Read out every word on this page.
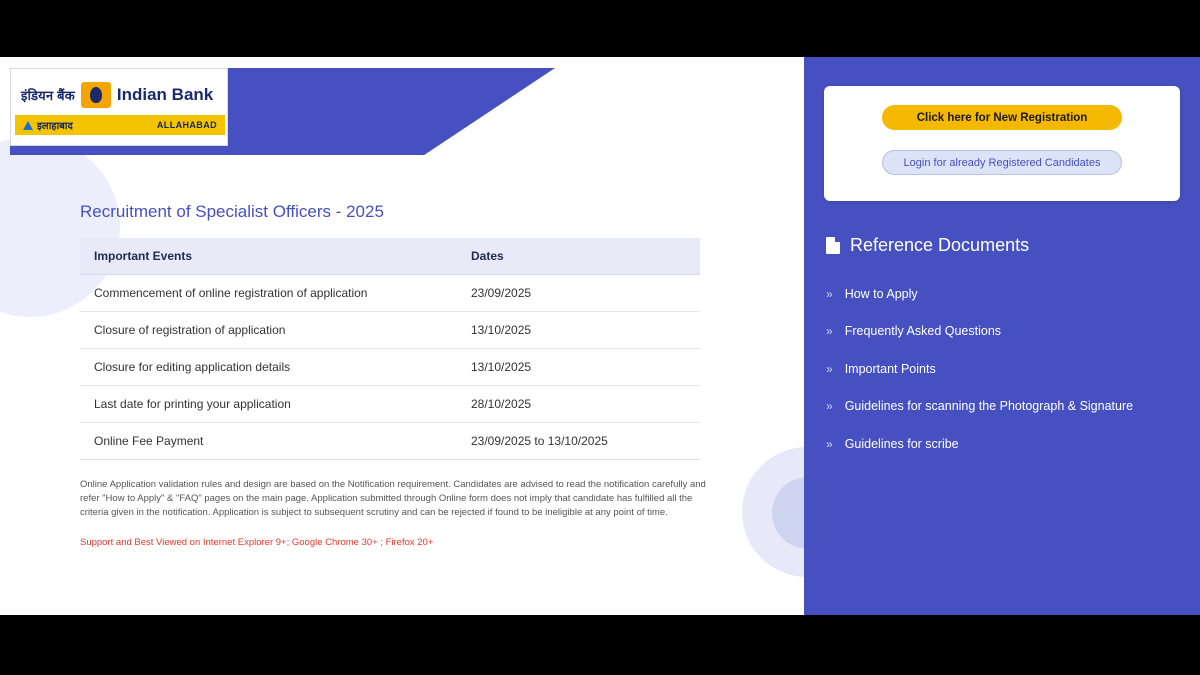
इंडियन बैंक Indian Bank
इलाहाबाद	ALLAHABAD
Recruitment of Specialist Officers - 2025
Important Events	Dates
Commencement of online registration of application	23/09/2025
Closure of registration of application	13/10/2025
Closure for editing application details	13/10/2025
Last date for printing your application	28/10/2025
Online Fee Payment	23/09/2025 to 13/10/2025

Online Application validation rules and design are based on the Notification requirement. Candidates are advised to read the notification carefully and refer "How to Apply" & "FAQ" pages on the main page. Application submitted through Online form does not imply that candidate has fulfilled all the criteria given in the notification. Application is subject to subsequent scrutiny and can be rejected if found to be ineligible at any point of time.

Support and Best Viewed on Internet Explorer 9+; Google Chrome 30+ ; Firefox 20+

Click here for New Registration
Login for already Registered Candidates
Reference Documents
» How to Apply
» Frequently Asked Questions
» Important Points
» Guidelines for scanning the Photograph & Signature
» Guidelines for scribe
